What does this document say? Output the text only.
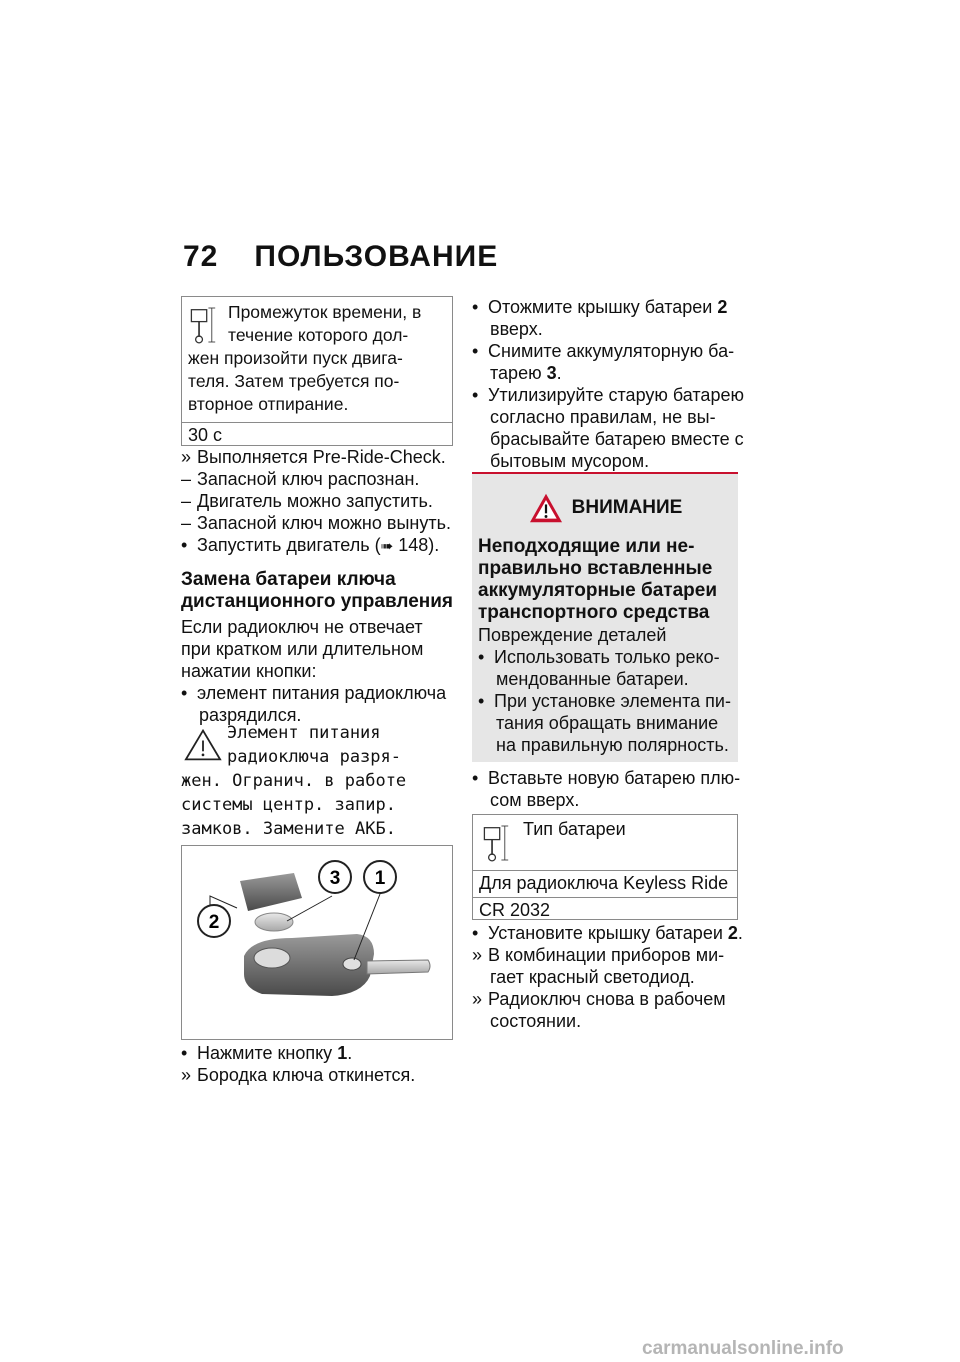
72 ПОЛЬЗОВАНИЕ
Промежуток времени, в
течение которого дол-
жен произойти пуск двига-
теля. Затем требуется по-
вторное отпирание.
30 с
» Выполняется Pre-Ride-Check.
– Запасной ключ распознан.
– Двигатель можно запустить.
– Запасной ключ можно вынуть.
• Запустить двигатель (➠ 148).
Замена батареи ключа
дистанционного управления
Если радиоключ не отвечает
при кратком или длительном
нажатии кнопки:
• элемент питания радиоключа
разрядился.
Элемент питания
радиоключа разря-
жен. Огранич. в работе
системы центр. запир.
замков. Замените АКБ.
2
3 1
• Нажмите кнопку 1.
» Бородка ключа откинется.
• Отожмите крышку батареи 2
вверх.
• Снимите аккумуляторную ба-
тарею 3.
• Утилизируйте старую батарею
согласно правилам, не вы-
брасывайте батарею вместе с
бытовым мусором.
ВНИМАНИЕ
Неподходящие или не-
правильно вставленные
аккумуляторные батареи
транспортного средства
Повреждение деталей
• Использовать только реко-
мендованные батареи.
• При установке элемента пи-
тания обращать внимание
на правильную полярность.
• Вставьте новую батарею плю-
сом вверх.
Тип батареи
Для радиоключа Keyless Ride
CR 2032
• Установите крышку батареи 2.
» В комбинации приборов ми-
гает красный светодиод.
» Радиоключ снова в рабочем
состоянии.
carmanualsonline.info
